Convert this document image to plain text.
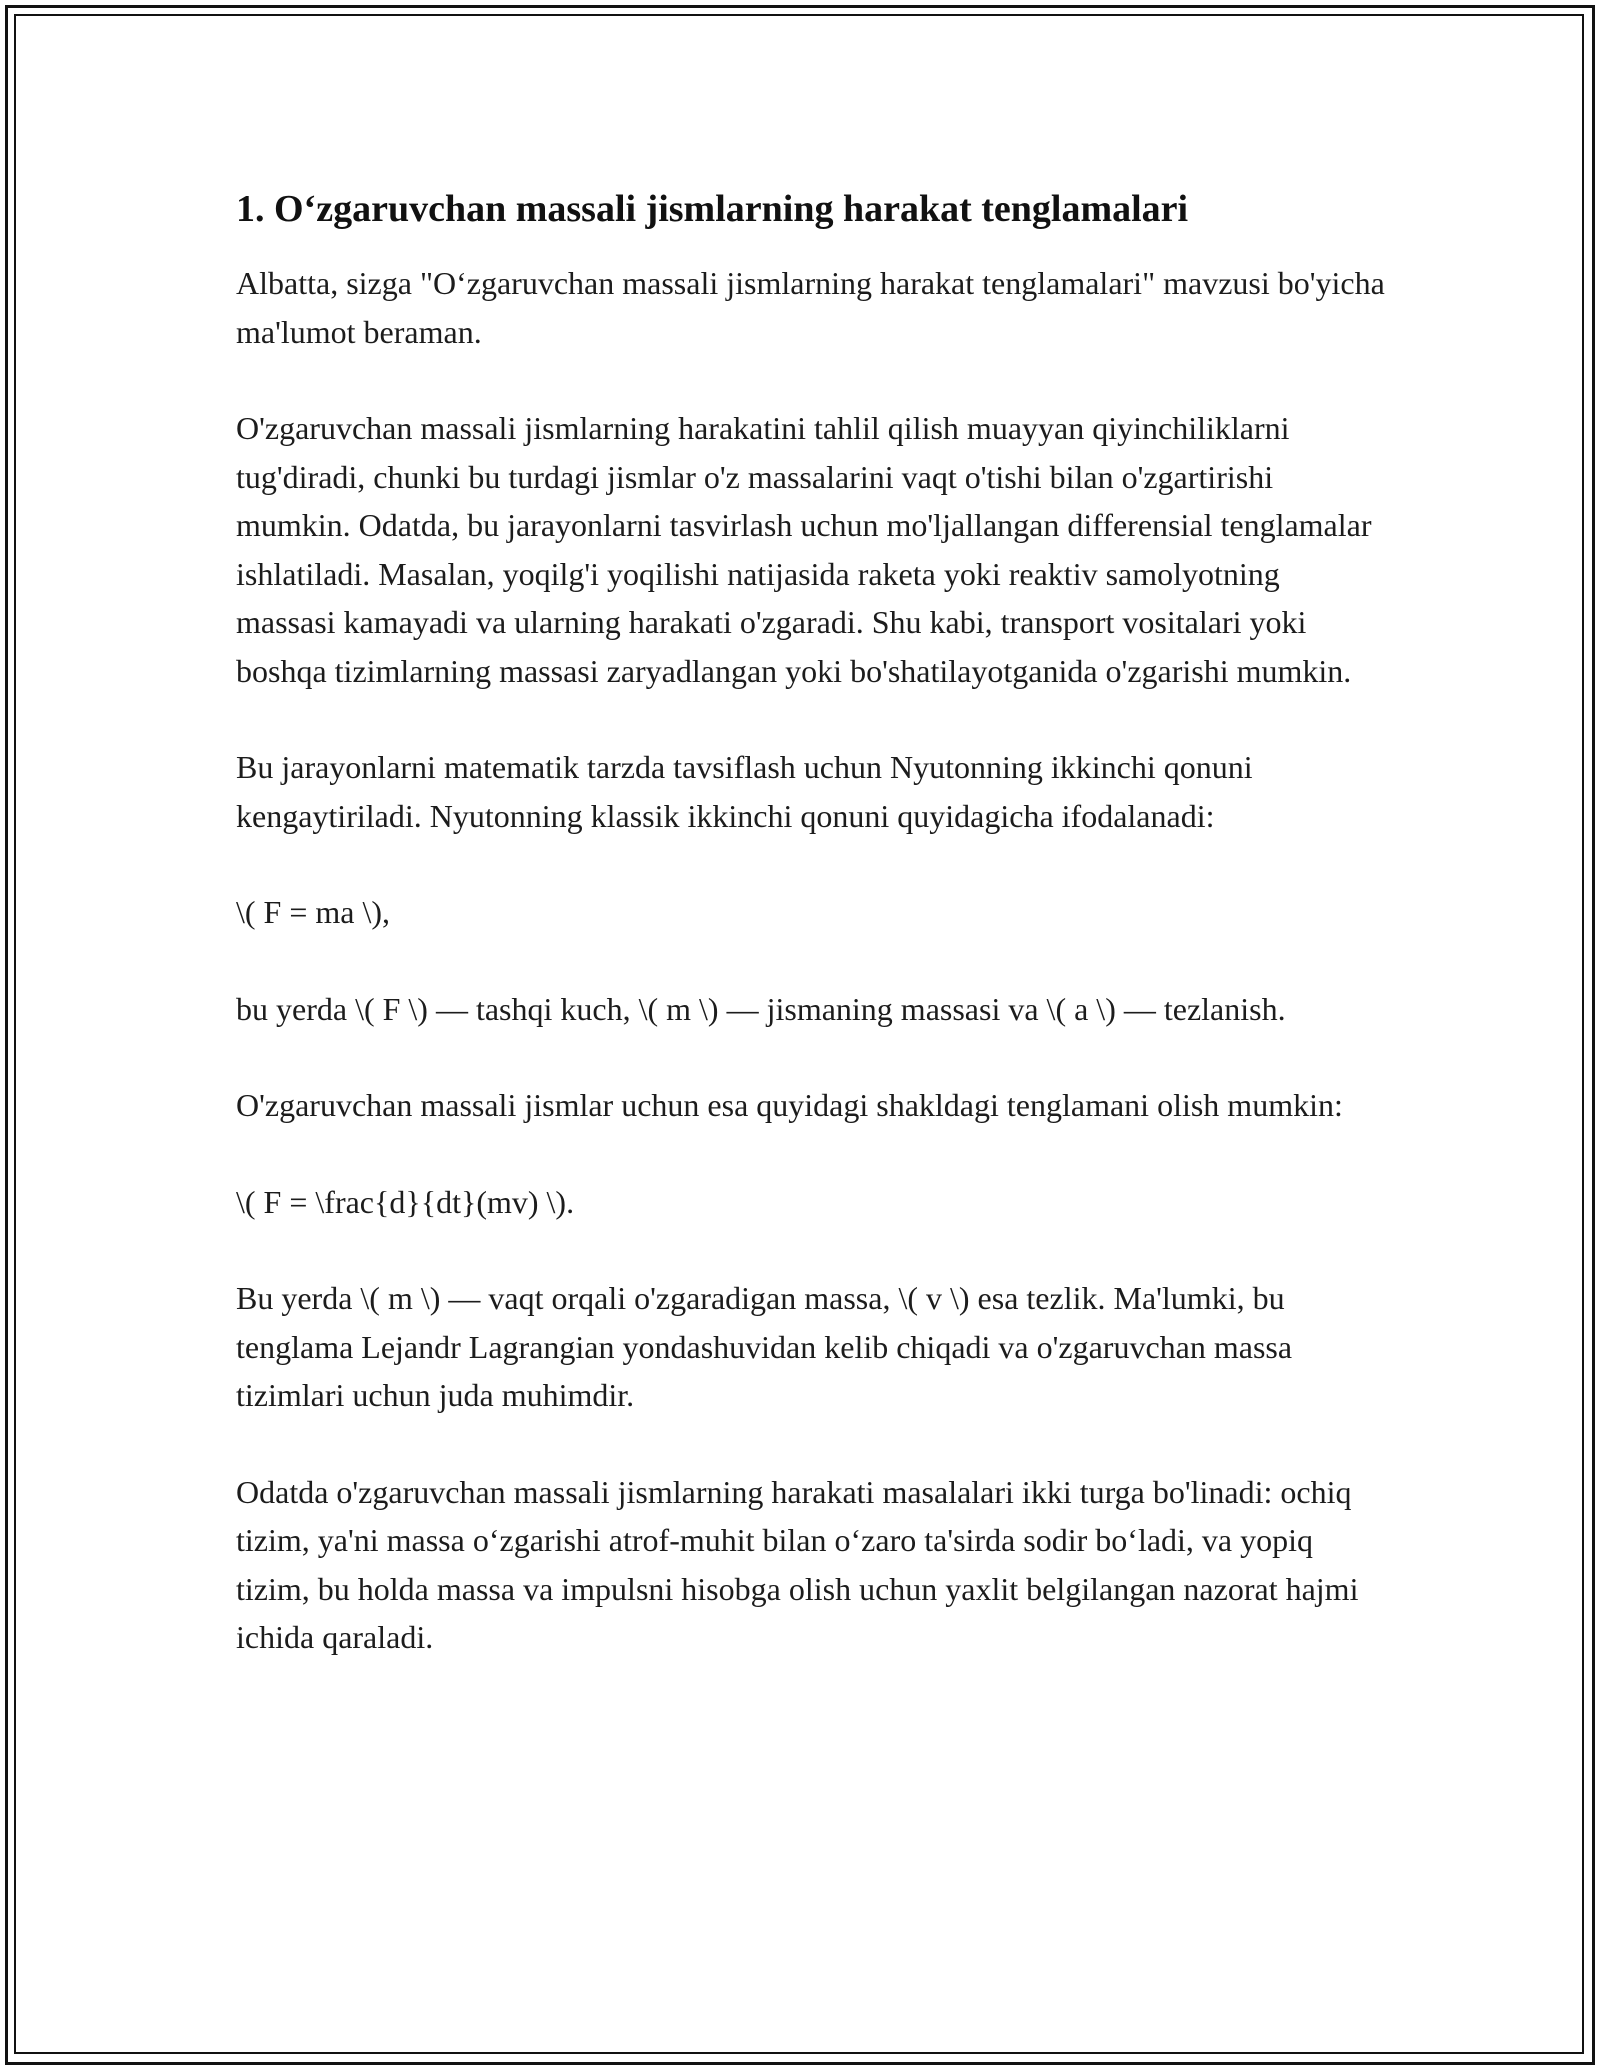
1. O‘zgaruvchan massali jismlarning harakat tenglamalari

Albatta, sizga "O‘zgaruvchan massali jismlarning harakat tenglamalari" mavzusi bo'yicha ma'lumot beraman.

O'zgaruvchan massali jismlarning harakatini tahlil qilish muayyan qiyinchiliklarni tug'diradi, chunki bu turdagi jismlar o'z massalarini vaqt o'tishi bilan o'zgartirishi mumkin. Odatda, bu jarayonlarni tasvirlash uchun mo'ljallangan differensial tenglamalar ishlatiladi. Masalan, yoqilg'i yoqilishi natijasida raketa yoki reaktiv samolyotning massasi kamayadi va ularning harakati o'zgaradi. Shu kabi, transport vositalari yoki boshqa tizimlarning massasi zaryadlangan yoki bo'shatilayotganida o'zgarishi mumkin.

Bu jarayonlarni matematik tarzda tavsiflash uchun Nyutonning ikkinchi qonuni kengaytiriladi. Nyutonning klassik ikkinchi qonuni quyidagicha ifodalanadi:

\( F = ma \),

bu yerda \( F \) — tashqi kuch, \( m \) — jismaning massasi va \( a \) — tezlanish.

O'zgaruvchan massali jismlar uchun esa quyidagi shakldagi tenglamani olish mumkin:

\( F = \frac{d}{dt}(mv) \).

Bu yerda \( m \) — vaqt orqali o'zgaradigan massa, \( v \) esa tezlik. Ma'lumki, bu tenglama Lejandr Lagrangian yondashuvidan kelib chiqadi va o'zgaruvchan massa tizimlari uchun juda muhimdir.

Odatda o'zgaruvchan massali jismlarning harakati masalalari ikki turga bo'linadi: ochiq tizim, ya'ni massa o‘zgarishi atrof-muhit bilan o‘zaro ta'sirda sodir bo‘ladi, va yopiq tizim, bu holda massa va impulsni hisobga olish uchun yaxlit belgilangan nazorat hajmi ichida qaraladi.
